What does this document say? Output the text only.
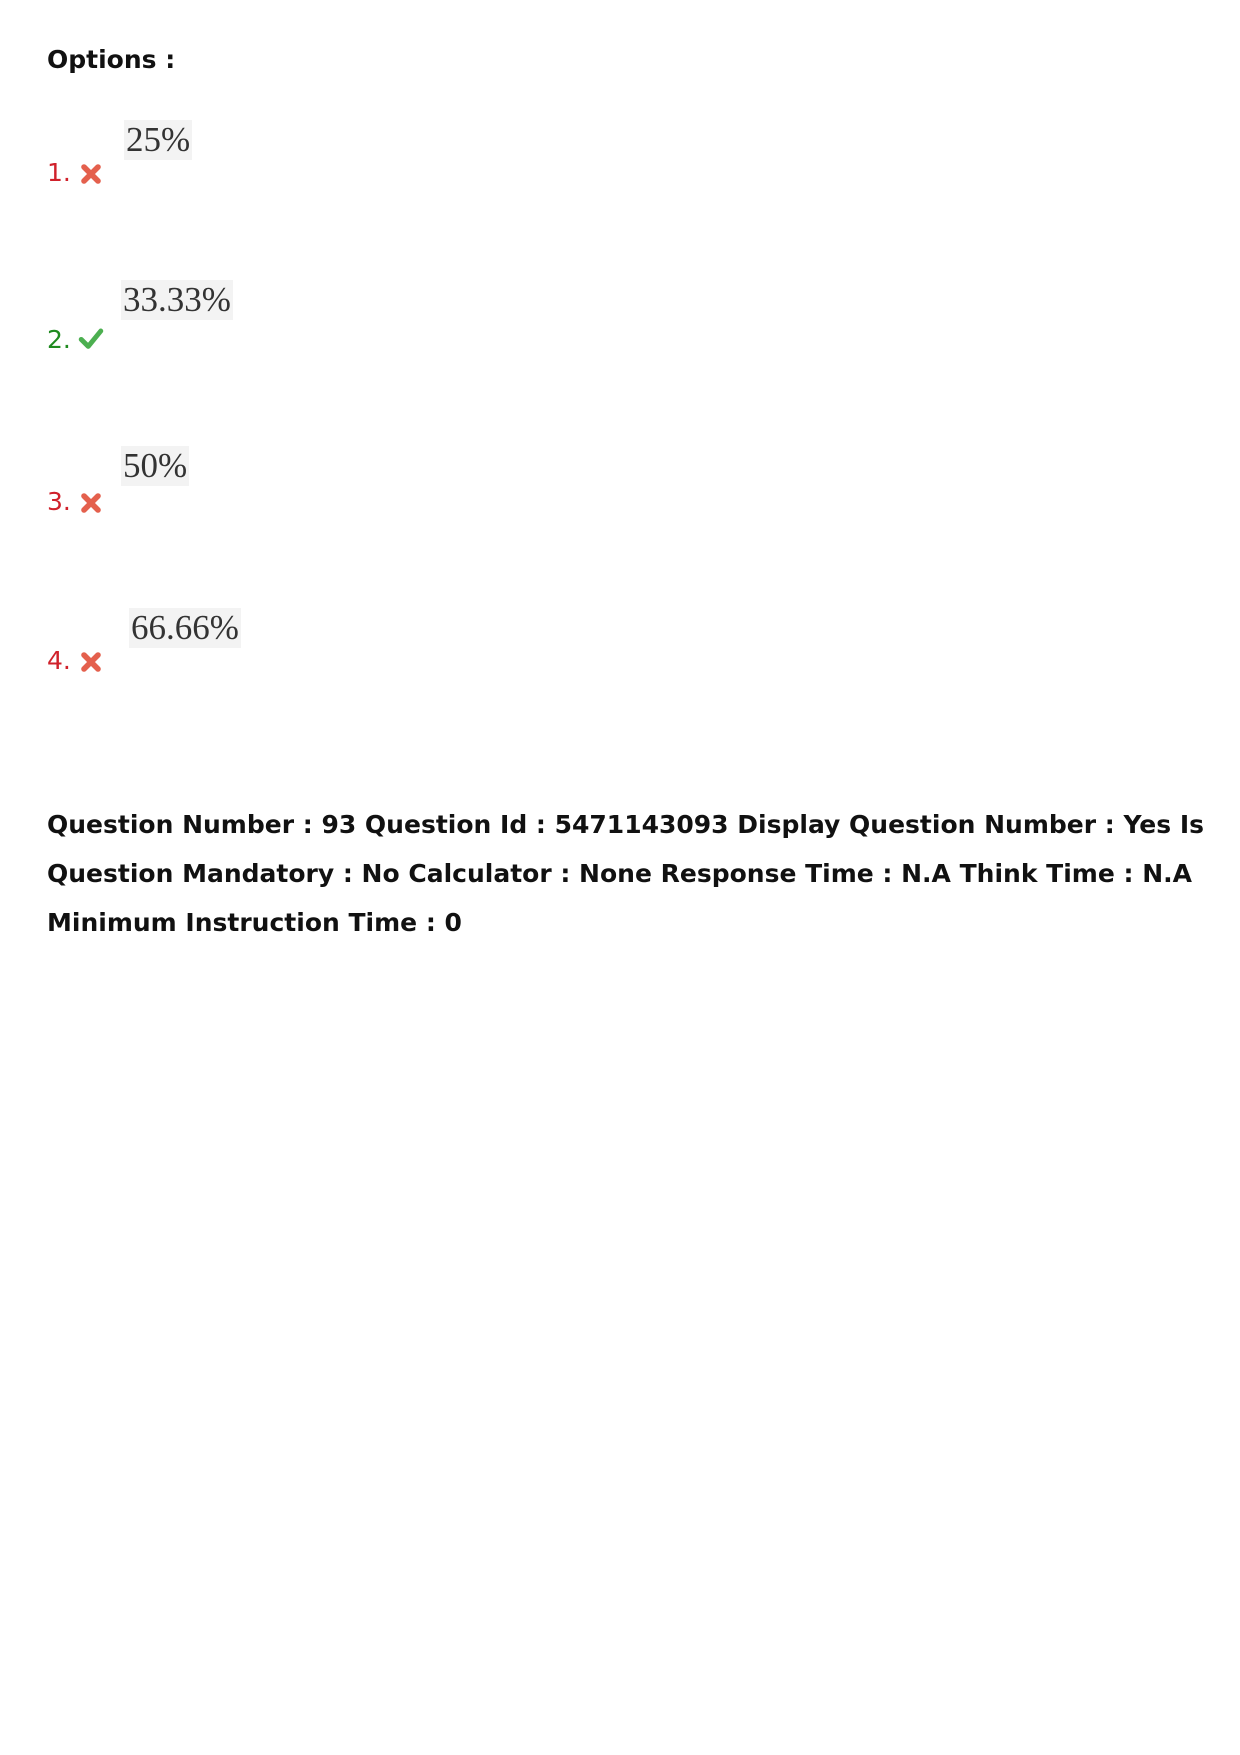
Options :
25%
1.
33.33%
2.
50%
3.
66.66%
4.

Question Number : 93 Question Id : 5471143093 Display Question Number : Yes Is Question Mandatory : No Calculator : None Response Time : N.A Think Time : N.A Minimum Instruction Time : 0
